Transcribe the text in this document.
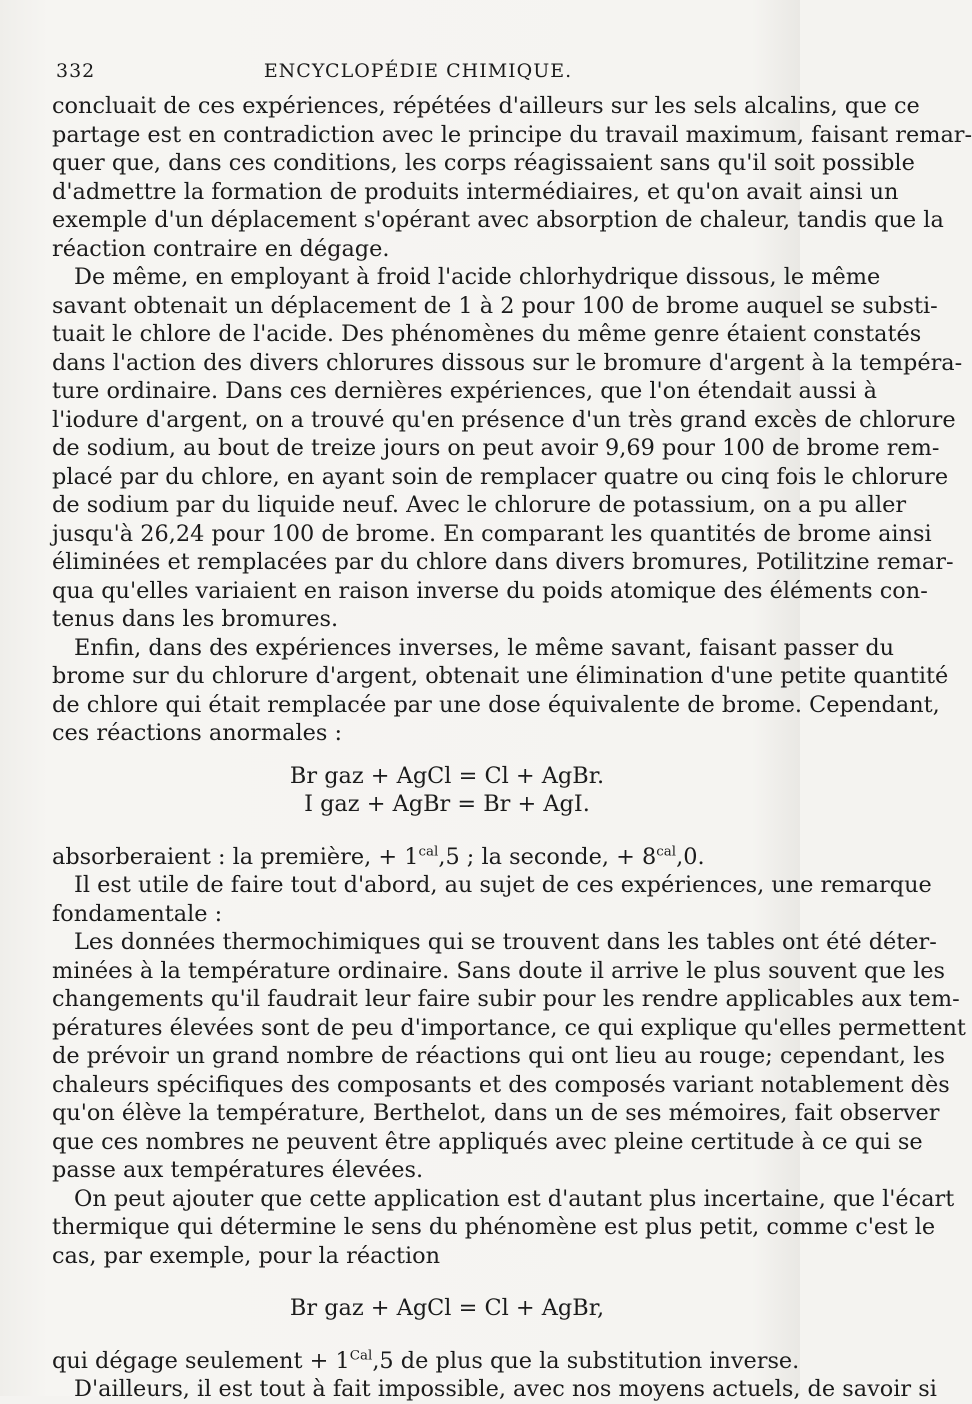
332	ENCYCLOPÉDIE CHIMIQUE.
concluait de ces expériences, répétées d'ailleurs sur les sels alcalins, que ce
partage est en contradiction avec le principe du travail maximum, faisant remar-
quer que, dans ces conditions, les corps réagissaient sans qu'il soit possible
d'admettre la formation de produits intermédiaires, et qu'on avait ainsi un
exemple d'un déplacement s'opérant avec absorption de chaleur, tandis que la
réaction contraire en dégage.
De même, en employant à froid l'acide chlorhydrique dissous, le même
savant obtenait un déplacement de 1 à 2 pour 100 de brome auquel se substi-
tuait le chlore de l'acide. Des phénomènes du même genre étaient constatés
dans l'action des divers chlorures dissous sur le bromure d'argent à la tempéra-
ture ordinaire. Dans ces dernières expériences, que l'on étendait aussi à
l'iodure d'argent, on a trouvé qu'en présence d'un très grand excès de chlorure
de sodium, au bout de treize jours on peut avoir 9,69 pour 100 de brome rem-
placé par du chlore, en ayant soin de remplacer quatre ou cinq fois le chlorure
de sodium par du liquide neuf. Avec le chlorure de potassium, on a pu aller
jusqu'à 26,24 pour 100 de brome. En comparant les quantités de brome ainsi
éliminées et remplacées par du chlore dans divers bromures, Potilitzine remar-
qua qu'elles variaient en raison inverse du poids atomique des éléments con-
tenus dans les bromures.
Enfin, dans des expériences inverses, le même savant, faisant passer du
brome sur du chlorure d'argent, obtenait une élimination d'une petite quantité
de chlore qui était remplacée par une dose équivalente de brome. Cependant,
ces réactions anormales :
Br gaz + AgCl = Cl + AgBr.
I gaz + AgBr = Br + AgI.
absorberaient : la première, + $1^{cal},5$ ; la seconde, + $8^{cal},0$.
Il est utile de faire tout d'abord, au sujet de ces expériences, une remarque
fondamentale :
Les données thermochimiques qui se trouvent dans les tables ont été déter-
minées à la température ordinaire. Sans doute il arrive le plus souvent que les
changements qu'il faudrait leur faire subir pour les rendre applicables aux tem-
pératures élevées sont de peu d'importance, ce qui explique qu'elles permettent
de prévoir un grand nombre de réactions qui ont lieu au rouge; cependant, les
chaleurs spécifiques des composants et des composés variant notablement dès
qu'on élève la température, Berthelot, dans un de ses mémoires, fait observer
que ces nombres ne peuvent être appliqués avec pleine certitude à ce qui se
passe aux températures élevées.
On peut ajouter que cette application est d'autant plus incertaine, que l'écart
thermique qui détermine le sens du phénomène est plus petit, comme c'est le
cas, par exemple, pour la réaction
Br gaz + AgCl = Cl + AgBr,
qui dégage seulement + $1^{Cal},5$ de plus que la substitution inverse.
D'ailleurs, il est tout à fait impossible, avec nos moyens actuels, de savoir si
